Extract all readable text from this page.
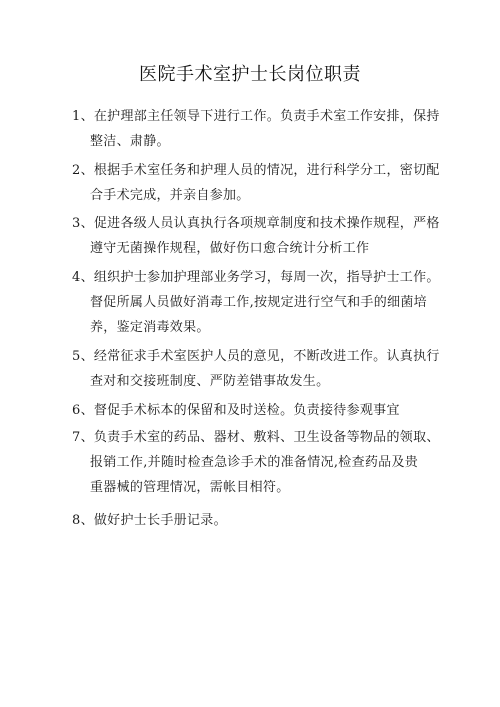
医院手术室护士长岗位职责
1、在护理部主任领导下进行工作。负责手术室工作安排，保持
整洁、肃静。
2、根据手术室任务和护理人员的情况，进行科学分工，密切配
合手术完成，并亲自参加。
3、促进各级人员认真执行各项规章制度和技术操作规程，严格
遵守无菌操作规程，做好伤口愈合统计分析工作
4、组织护士参加护理部业务学习，每周一次，指导护士工作。
督促所属人员做好消毒工作,按规定进行空气和手的细菌培
养，鉴定消毒效果。
5、经常征求手术室医护人员的意见，不断改进工作。认真执行
查对和交接班制度、严防差错事故发生。
6、督促手术标本的保留和及时送检。负责接待参观事宜
7、负责手术室的药品、器材、敷料、卫生设备等物品的领取、
报销工作,并随时检查急诊手术的准备情况,检查药品及贵
重器械的管理情况，需帐目相符。
8、做好护士长手册记录。
